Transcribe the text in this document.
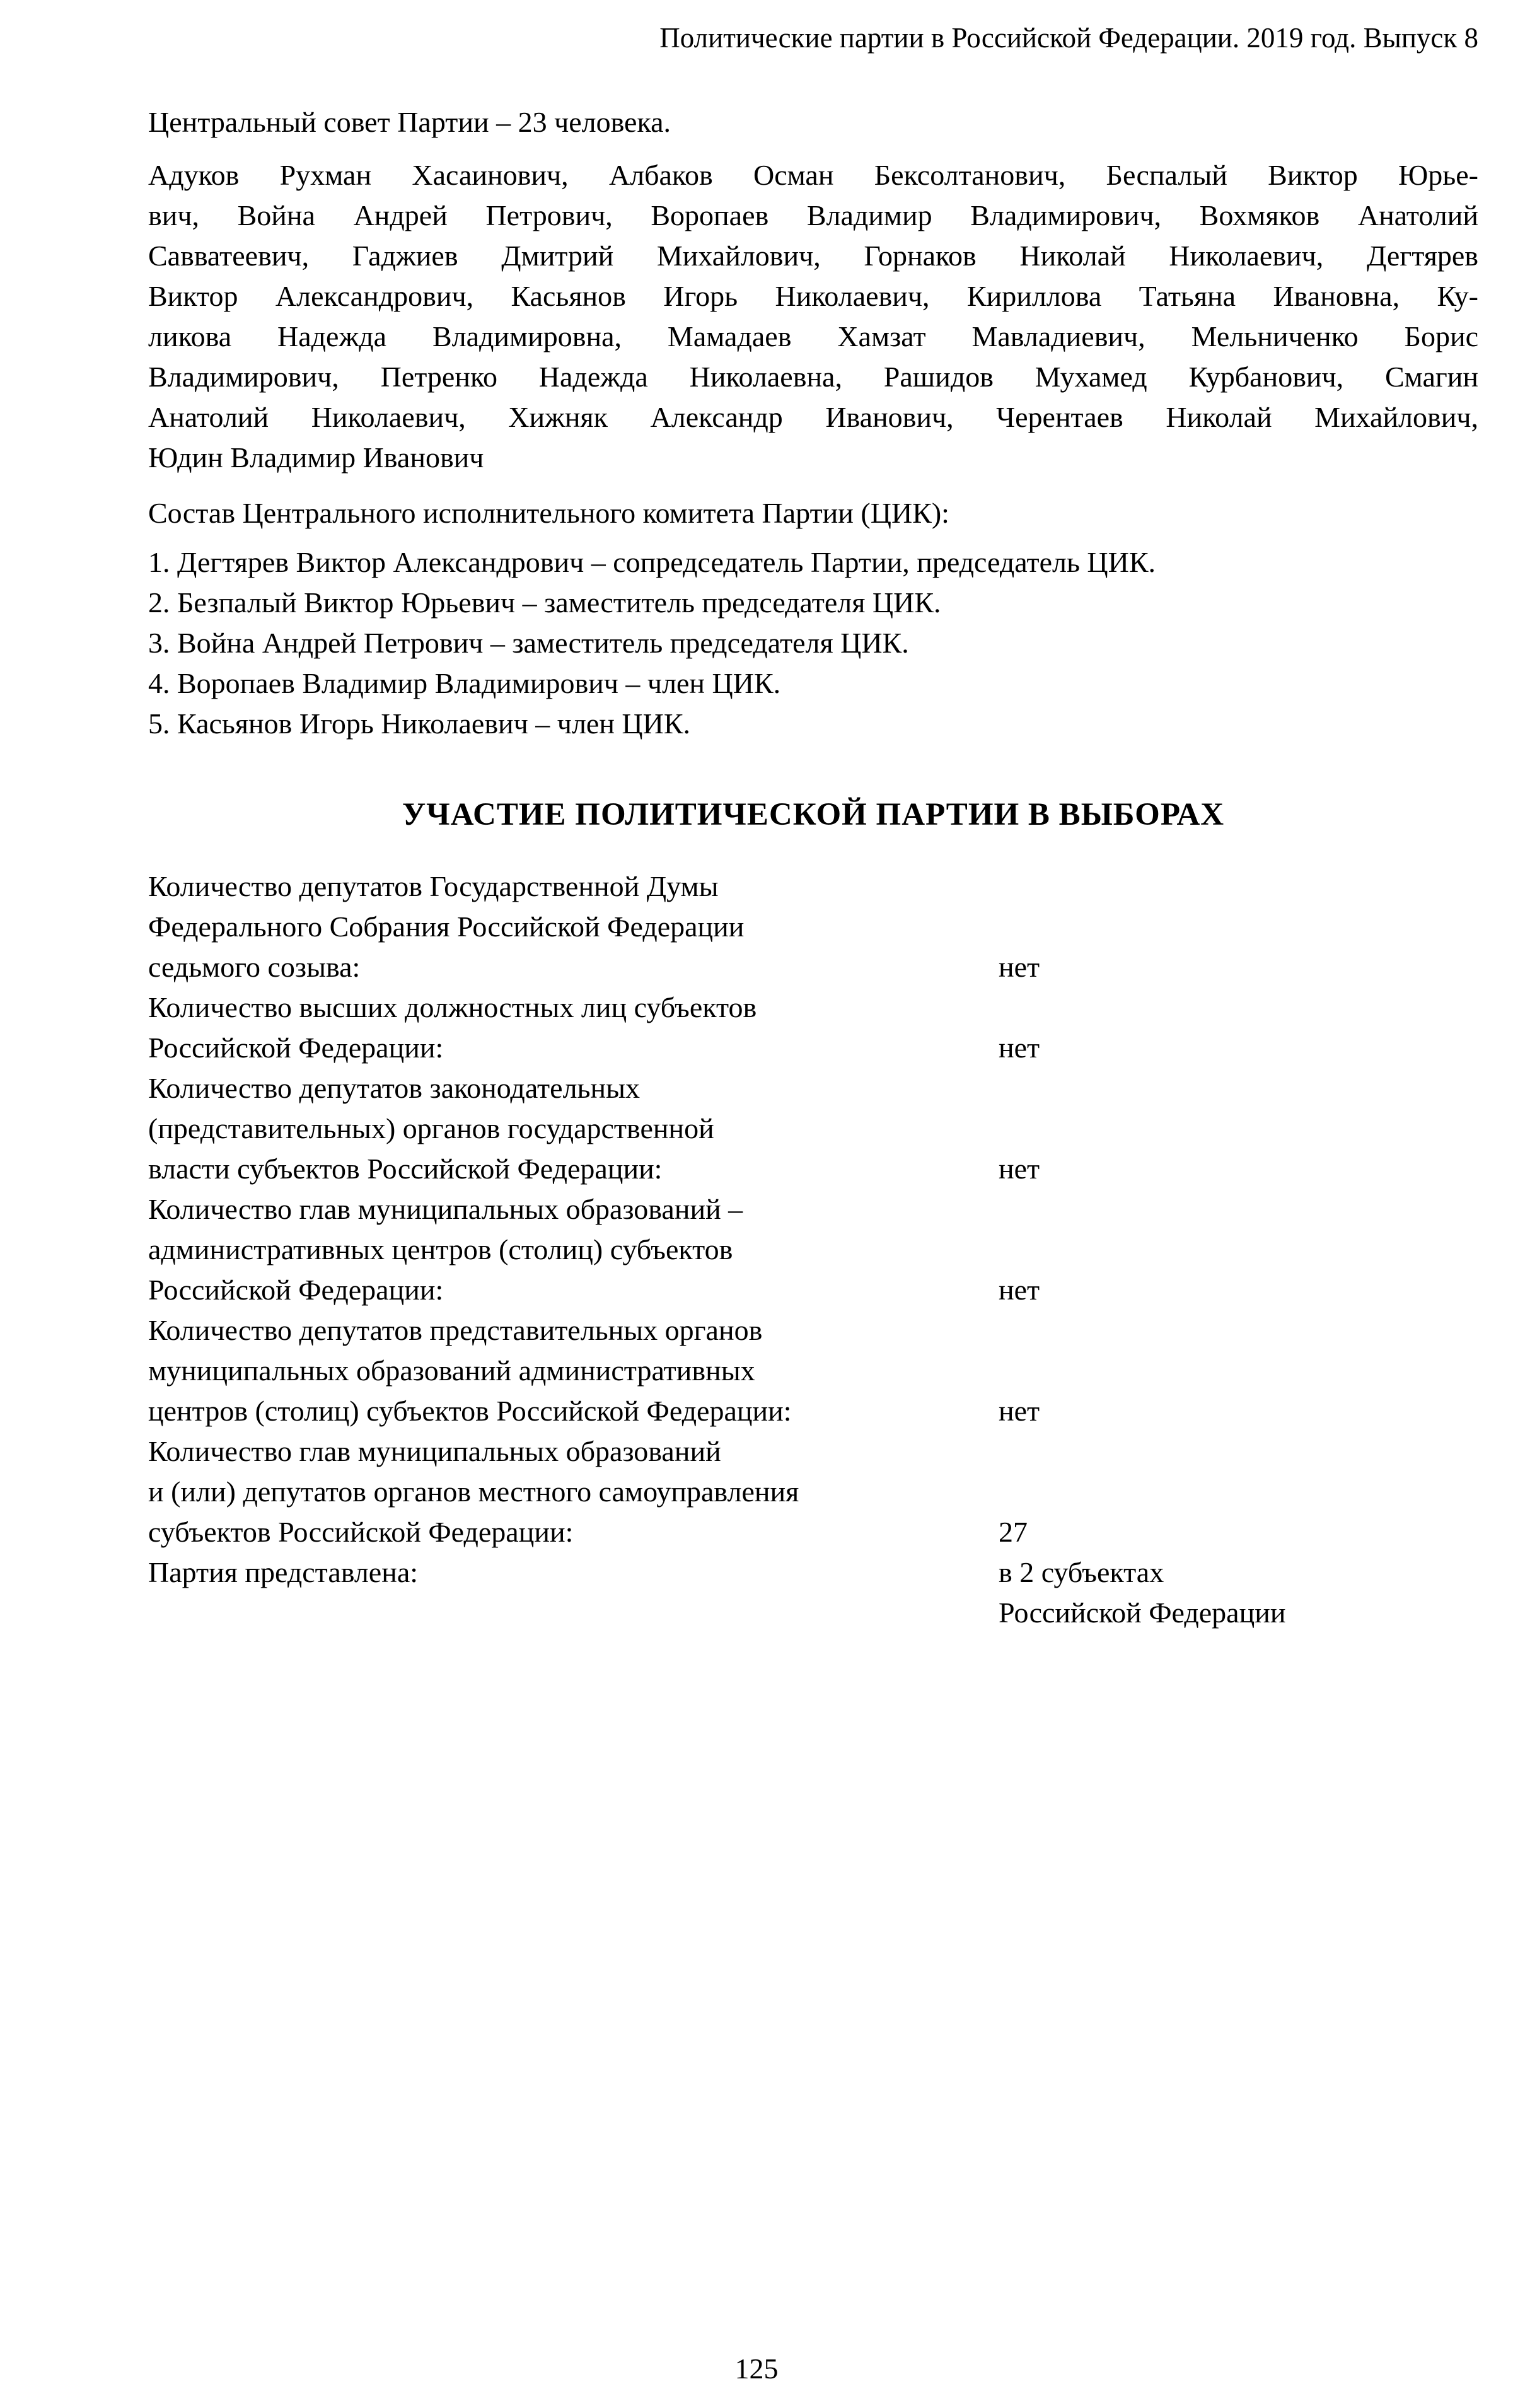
Политические партии в Российской Федерации. 2019 год. Выпуск 8

Центральный совет Партии – 23 человека.

Адуков Рухман Хасаинович, Албаков Осман Бексолтанович, Беспалый Виктор Юрье-
вич, Война Андрей Петрович, Воропаев Владимир Владимирович, Вохмяков Анатолий
Савватеевич, Гаджиев Дмитрий Михайлович, Горнаков Николай Николаевич, Дегтярев
Виктор Александрович, Касьянов Игорь Николаевич, Кириллова Татьяна Ивановна, Ку-
ликова Надежда Владимировна, Мамадаев Хамзат Мавладиевич, Мельниченко Борис
Владимирович, Петренко Надежда Николаевна, Рашидов Мухамед Курбанович, Смагин
Анатолий Николаевич, Хижняк Александр Иванович, Черентаев Николай Михайлович,
Юдин Владимир Иванович

Состав Центрального исполнительного комитета Партии (ЦИК):

1. Дегтярев Виктор Александрович – сопредседатель Партии, председатель ЦИК.
2. Безпалый Виктор Юрьевич – заместитель председателя ЦИК.
3. Война Андрей Петрович – заместитель председателя ЦИК.
4. Воропаев Владимир Владимирович – член ЦИК.
5. Касьянов Игорь Николаевич – член ЦИК.
УЧАСТИЕ ПОЛИТИЧЕСКОЙ ПАРТИИ В ВЫБОРАХ
Количество депутатов Государственной Думы
Федерального Собрания Российской Федерации
седьмого созыва:	нет
Количество высших должностных лиц субъектов
Российской Федерации:	нет
Количество депутатов законодательных
(представительных) органов государственной
власти субъектов Российской Федерации:	нет
Количество глав муниципальных образований –
административных центров (столиц) субъектов
Российской Федерации:	нет
Количество депутатов представительных органов
муниципальных образований административных
центров (столиц) субъектов Российской Федерации:	нет
Количество глав муниципальных образований
и (или) депутатов органов местного самоуправления
субъектов Российской Федерации:	27
Партия представлена:	в 2 субъектах
Российской Федерации
125
